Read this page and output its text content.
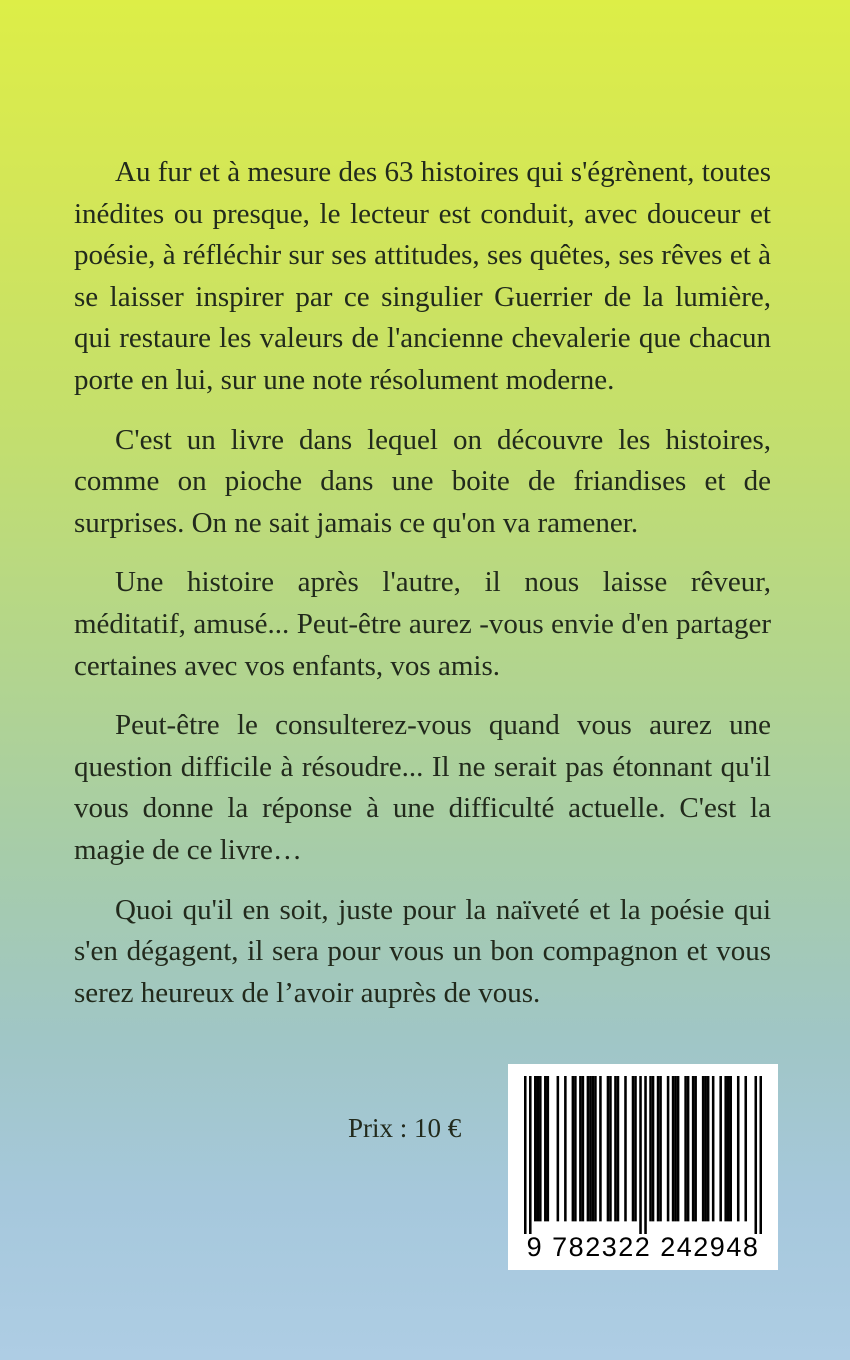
Au fur et à mesure des 63 histoires qui s'égrènent, toutes inédites ou presque, le lecteur est conduit, avec douceur et poésie, à réfléchir sur ses attitudes, ses quêtes, ses rêves et à se laisser inspirer par ce singulier Guerrier de la lumière, qui restaure les valeurs de l'ancienne chevalerie que chacun porte en lui, sur une note résolument moderne.

C'est un livre dans lequel on découvre les histoires, comme on pioche dans une boite de friandises et de surprises. On ne sait jamais ce qu'on va ramener.

Une histoire après l'autre, il nous laisse rêveur, méditatif, amusé... Peut-être aurez -vous envie d'en partager certaines avec vos enfants, vos amis.

Peut-être le consulterez-vous quand vous aurez une question difficile à résoudre... Il ne serait pas étonnant qu'il vous donne la réponse à une difficulté actuelle. C'est la magie de ce livre…

Quoi qu'il en soit, juste pour la naïveté et la poésie qui s'en dégagent, il sera pour vous un bon compagnon et vous serez heureux de l’avoir auprès de vous.

Prix : 10 €
9 782322 242948
